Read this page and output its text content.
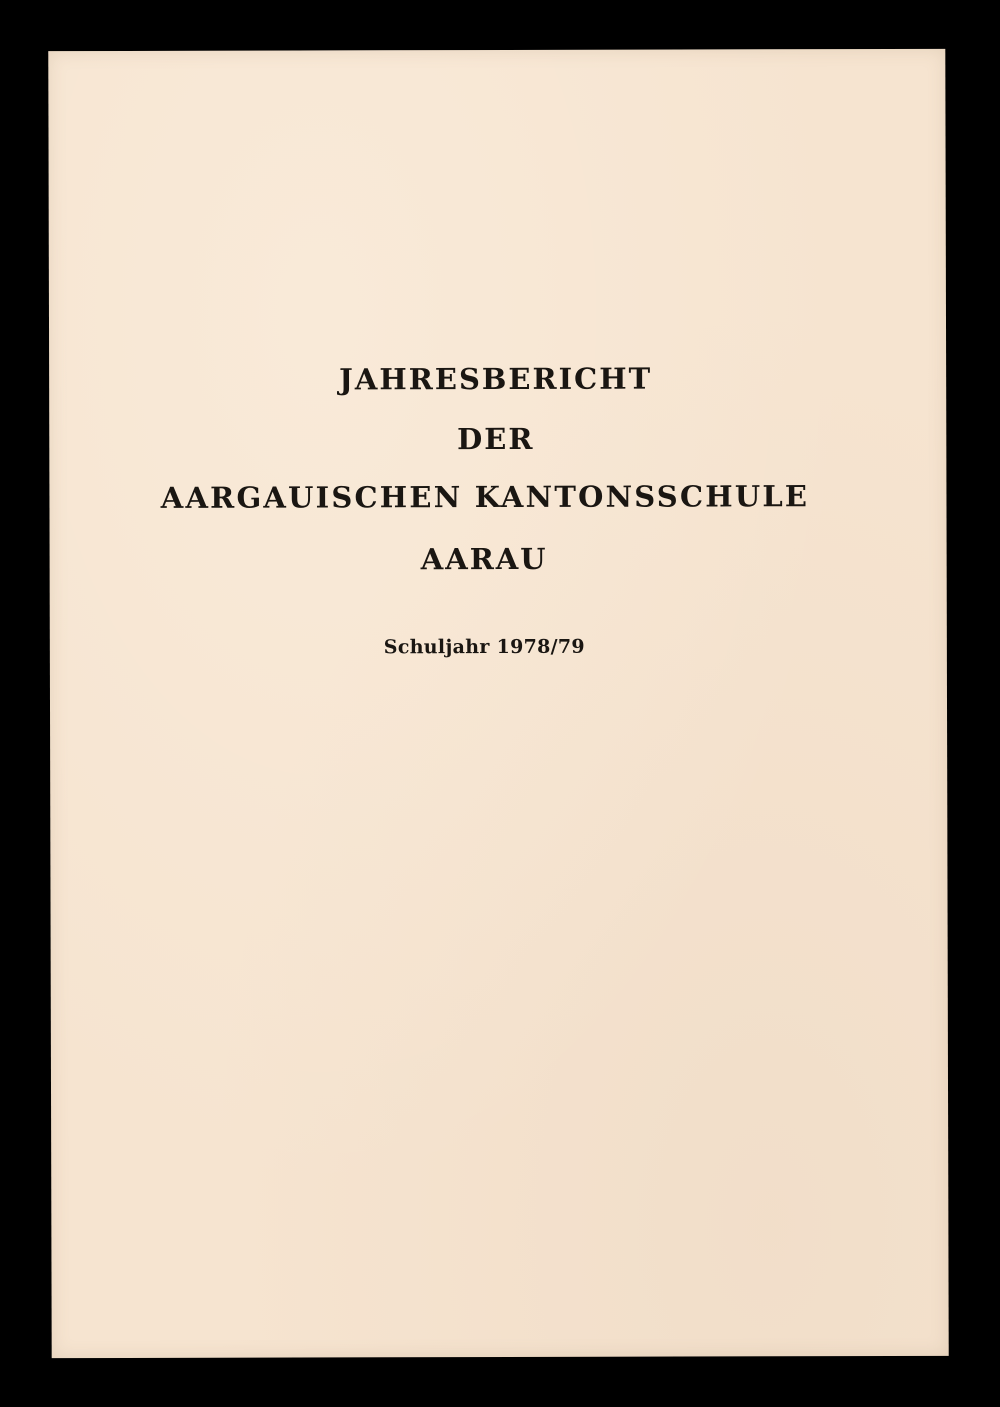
JAHRESBERICHT
DER
AARGAUISCHEN KANTONSSCHULE
AARAU
Schuljahr 1978/79
